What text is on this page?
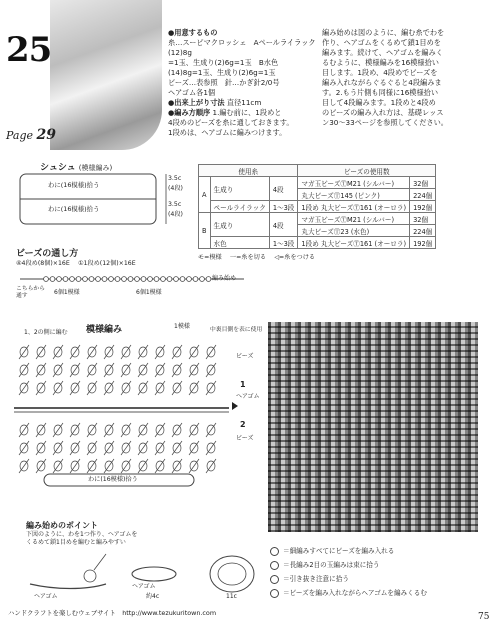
25
Page 29
●用意するもの
糸…スーピマクロッシェ　Aペールライラック(12)8g
=1玉、生成り(2)6g=1玉　B水色
(14)8g=1玉、生成り(2)6g=1玉
ビーズ…表参照　針…かぎ針2/0号
ヘアゴム各1個
●出来上がり寸法 直径11cm
●編み方順序 1.編む前に、1段めと
4段めのビーズを糸に通しておきます。
1段めは、ヘアゴムに編みつけます。
編み始めは図のように、編む糸でわを
作り、ヘアゴムをくるめて鎖1目めを
編みます。続けて、ヘアゴムを編みく
るむように、模様編みを16模様拾い
目します。1段め、4段めでビーズを
編み入れながらぐるぐると4段編みま
す。2.もう片側も同様に16模様拾い
目して4段編みます。1段めと4段め
のビーズの編み入れ方は、基礎レッス
ン30～33ページを参照してください。
シュシュ (模様編み)
わに(16模様)拾う
わに(16模様)拾う
3.5c
(4段)
3.5c
(4段)
使用糸			ビーズの使用数	
A	生成り	4段	マガ玉ビーズⓉM21 (シルバー)	32個
			丸大ビーズⓉ145 (ピンク)	224個
	ペールライラック	1～3段	1段め 丸大ビーズⓉ161 (オーロラ)	192個
B	生成り	4段	マガ玉ビーズⓉM21 (シルバー)	32個
			丸大ビーズⓉ23 (水色)	224個
	水色	1～3段	1段め 丸大ビーズⓉ161 (オーロラ)	192個
モ=模様　 一=糸を切る　 ◁=糸をつける
ビーズの通し方
④4段め(8個)×16E　 ①1段め(12個)×16E
こちらから通す	6個1模様	6個1模様
編み始め
1、2の側に編む 模様編み	1模様	中裏目側を表に使用
ビーズ
ビーズ
へアゴム
1
2
わに(16模様)拾う
編み始めのポイント
下図のように、わを1つ作り、ヘアゴムを
くるめて鎖1目めを編むと編みやすい
ヘアゴム
ヘアゴム
約4c	11c
＝細編みすべてにビーズを編み入れる
＝長編み2目の玉編みは束に拾う
＝引き抜き注意に拾う
＝ビーズを編み入れながらヘアゴムを編みくるむ
ハンドクラフトを楽しむウェブサイト　http://www.tezukuritown.com	75
